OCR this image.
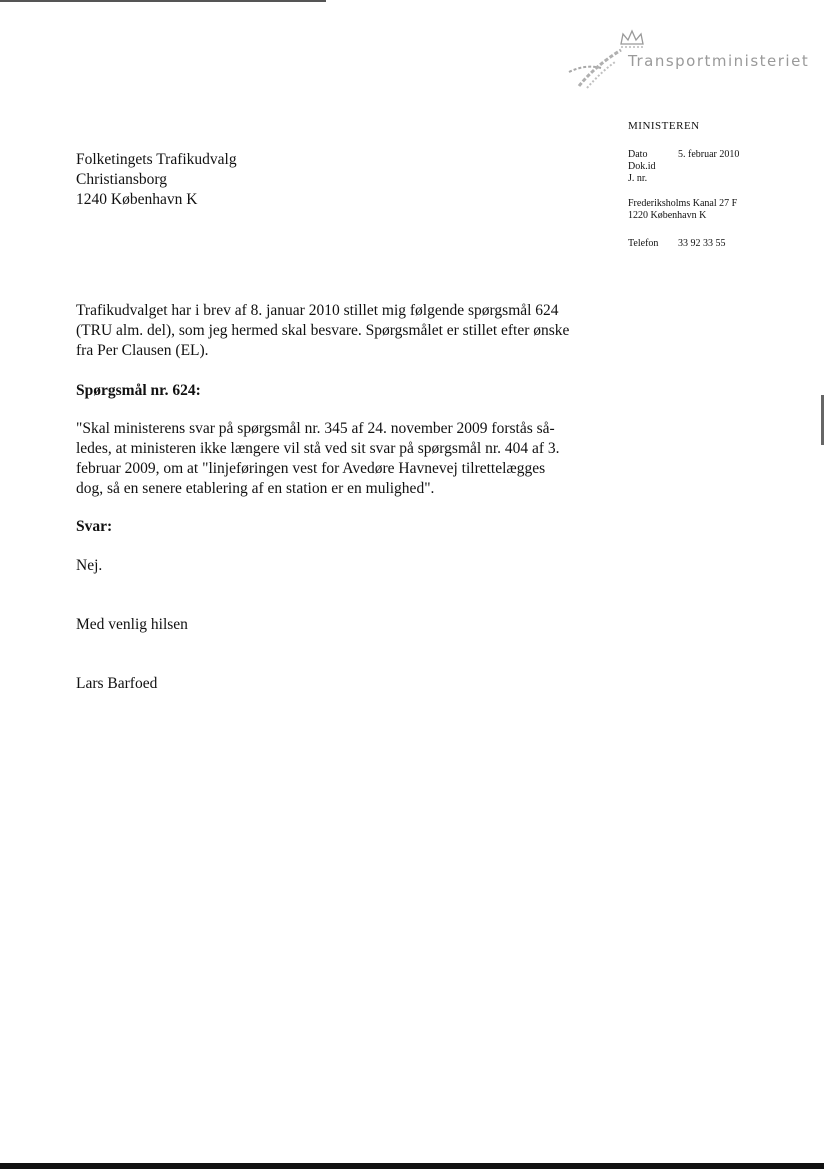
Transportministeriet
MINISTEREN
Dato	5. februar 2010
Dok.id
J. nr.
Frederiksholms Kanal 27 F
1220 København K
Telefon 33 92 33 55
Folketingets Trafikudvalg
Christiansborg
1240 København K
Trafikudvalget har i brev af 8. januar 2010 stillet mig følgende spørgsmål 624
(TRU alm. del), som jeg hermed skal besvare. Spørgsmålet er stillet efter ønske
fra Per Clausen (EL).
Spørgsmål nr. 624:
"Skal ministerens svar på spørgsmål nr. 345 af 24. november 2009 forstås så-
ledes, at ministeren ikke længere vil stå ved sit svar på spørgsmål nr. 404 af 3.
februar 2009, om at "linjeføringen vest for Avedøre Havnevej tilrettelægges
dog, så en senere etablering af en station er en mulighed".
Svar:
Nej.
Med venlig hilsen
Lars Barfoed
